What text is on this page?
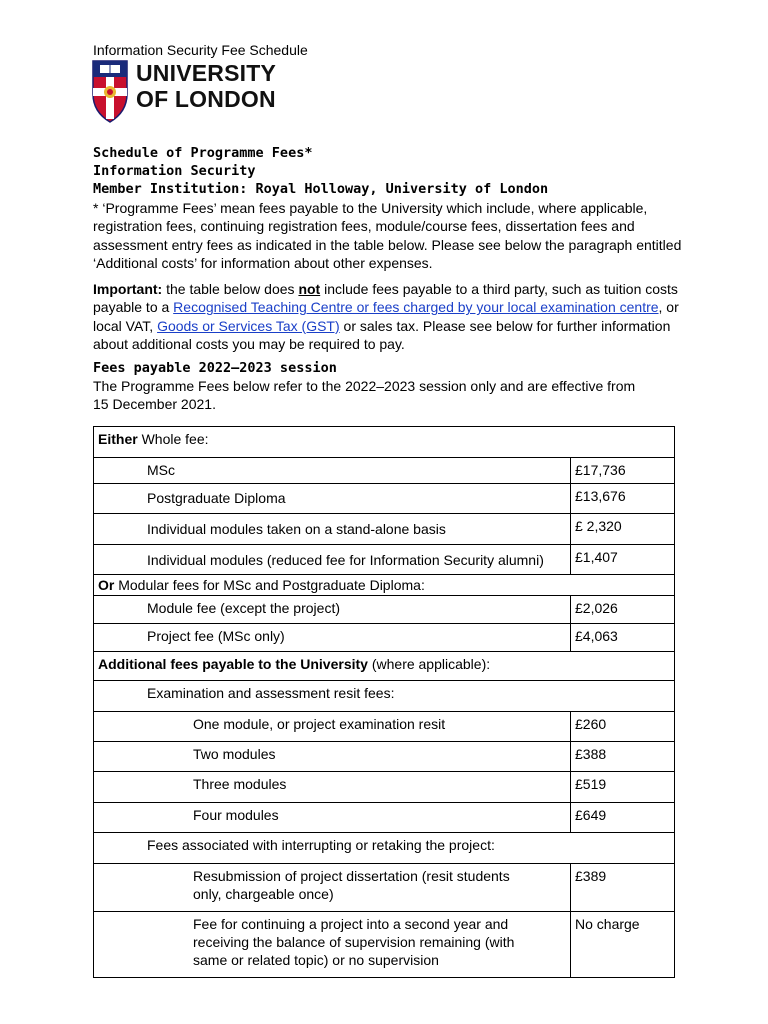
Information Security Fee Schedule
UNIVERSITY
OF LONDON
Schedule of Programme Fees*
Information Security
Member Institution: Royal Holloway, University of London
* ‘Programme Fees’ mean fees payable to the University which include, where applicable, registration fees, continuing registration fees, module/course fees, dissertation fees and assessment entry fees as indicated in the table below. Please see below the paragraph entitled ‘Additional costs’ for information about other expenses.
Important: the table below does not include fees payable to a third party, such as tuition costs payable to a Recognised Teaching Centre or fees charged by your local examination centre, or local VAT, Goods or Services Tax (GST) or sales tax. Please see below for further information about additional costs you may be required to pay.
Fees payable 2022–2023 session
The Programme Fees below refer to the 2022–2023 session only and are effective from
15 December 2021.
Either Whole fee:	
MSc	£17,736
Postgraduate Diploma	£13,676
Individual modules taken on a stand-alone basis	£ 2,320
Individual modules (reduced fee for Information Security alumni)	£1,407
Or Modular fees for MSc and Postgraduate Diploma:	
Module fee (except the project)	£2,026
Project fee (MSc only)	£4,063
Additional fees payable to the University (where applicable):	
Examination and assessment resit fees:	
One module, or project examination resit	£260
Two modules	£388
Three modules	£519
Four modules	£649
Fees associated with interrupting or retaking the project:	
Resubmission of project dissertation (resit students only, chargeable once)	£389
Fee for continuing a project into a second year and receiving the balance of supervision remaining (with same or related topic) or no supervision	No charge
